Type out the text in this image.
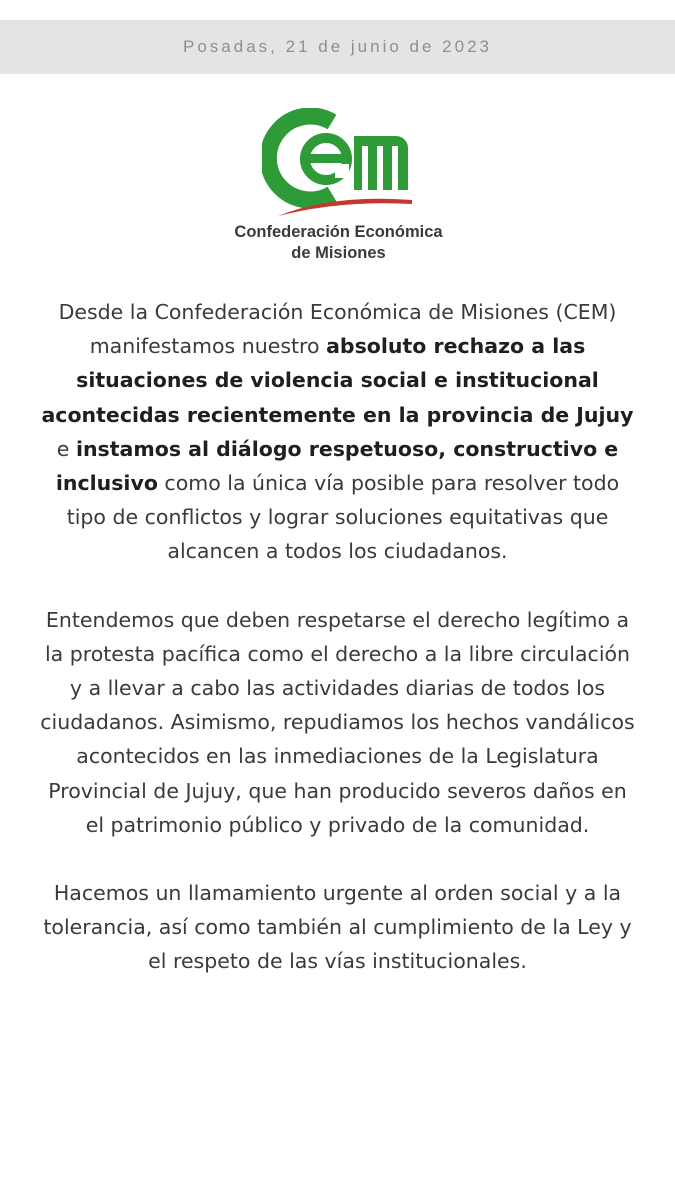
Posadas, 21 de junio de 2023
CEM
Confederación Económica
de Misiones

Desde la Confederación Económica de Misiones (CEM) manifestamos nuestro absoluto rechazo a las situaciones de violencia social e institucional acontecidas recientemente en la provincia de Jujuy e instamos al diálogo respetuoso, constructivo e inclusivo como la única vía posible para resolver todo tipo de conflictos y lograr soluciones equitativas que alcancen a todos los ciudadanos.

Entendemos que deben respetarse el derecho legítimo a la protesta pacífica como el derecho a la libre circulación y a llevar a cabo las actividades diarias de todos los ciudadanos. Asimismo, repudiamos los hechos vandálicos acontecidos en las inmediaciones de la Legislatura Provincial de Jujuy, que han producido severos daños en el patrimonio público y privado de la comunidad.

Hacemos un llamamiento urgente al orden social y a la tolerancia, así como también al cumplimiento de la Ley y el respeto de las vías institucionales.
